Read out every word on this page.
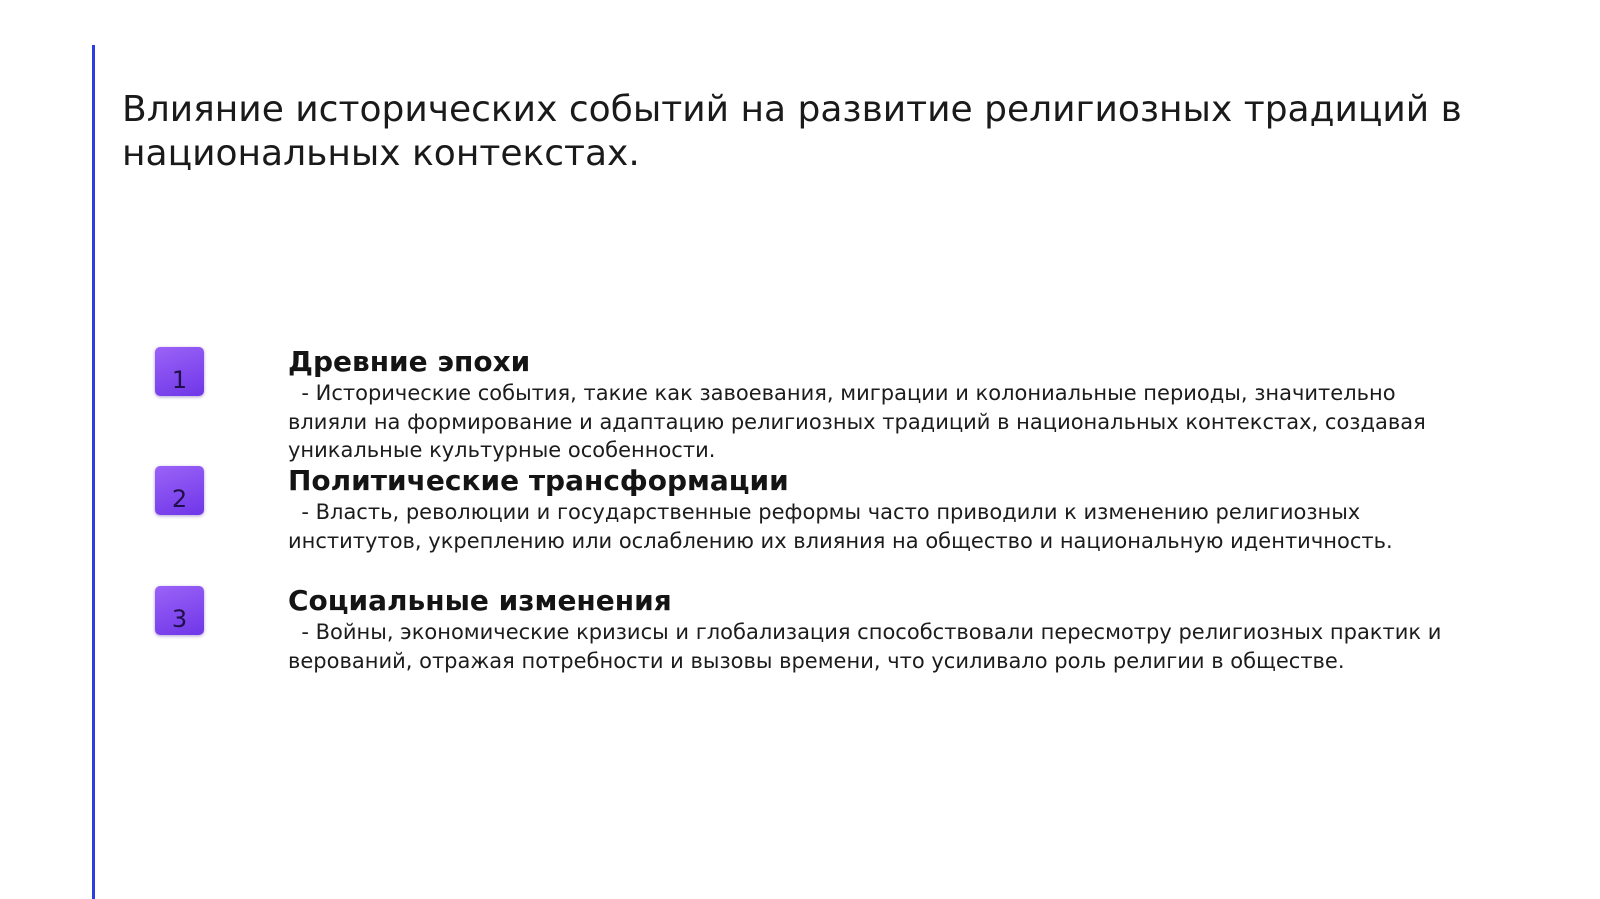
Влияние исторических событий на развитие религиозных традиций в национальных контекстах.
1
Древние эпохи

- Исторические события, такие как завоевания, миграции и колониальные периоды, значительно влияли на формирование и адаптацию религиозных традиций в национальных контекстах, создавая уникальные культурные особенности.

2
Политические трансформации

- Власть, революции и государственные реформы часто приводили к изменению религиозных институтов, укреплению или ослаблению их влияния на общество и национальную идентичность.

3
Социальные изменения

- Войны, экономические кризисы и глобализация способствовали пересмотру религиозных практик и верований, отражая потребности и вызовы времени, что усиливало роль религии в обществе.
